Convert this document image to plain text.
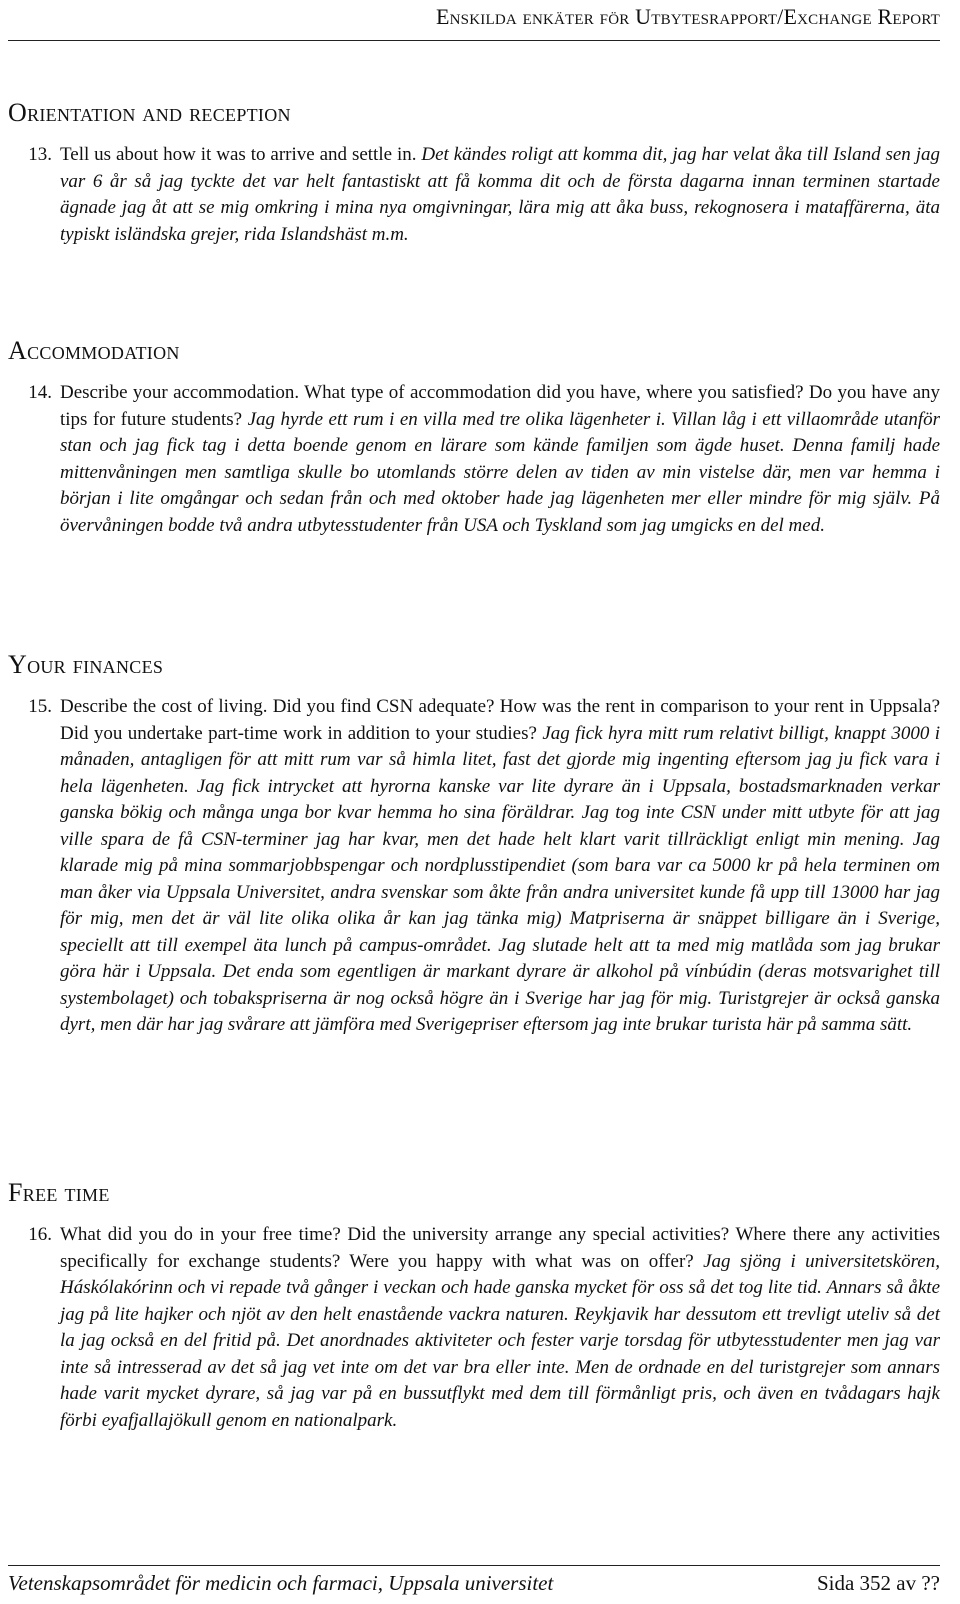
Enskilda enkäter för Utbytesrapport/Exchange Report
Orientation and reception
13. Tell us about how it was to arrive and settle in. Det kändes roligt att komma dit, jag har velat åka till Island sen jag var 6 år så jag tyckte det var helt fantastiskt att få komma dit och de första dagarna innan terminen startade ägnade jag åt att se mig omkring i mina nya omgivningar, lära mig att åka buss, rekognosera i mataffärerna, äta typiskt isländska grejer, rida Islandshäst m.m.
Accommodation
14. Describe your accommodation. What type of accommodation did you have, where you satisfied? Do you have any tips for future students? Jag hyrde ett rum i en villa med tre olika lägenheter i. Villan låg i ett villaområde utanför stan och jag fick tag i detta boende genom en lärare som kände familjen som ägde huset. Denna familj hade mittenvåningen men samtliga skulle bo utomlands större delen av tiden av min vistelse där, men var hemma i början i lite omgångar och sedan från och med oktober hade jag lägenheten mer eller mindre för mig själv. På övervåningen bodde två andra utbytesstudenter från USA och Tyskland som jag umgicks en del med.
Your finances
15. Describe the cost of living. Did you find CSN adequate? How was the rent in comparison to your rent in Uppsala? Did you undertake part-time work in addition to your studies? Jag fick hyra mitt rum relativt billigt, knappt 3000 i månaden, antagligen för att mitt rum var så himla litet, fast det gjorde mig ingenting eftersom jag ju fick vara i hela lägenheten. Jag fick intrycket att hyrorna kanske var lite dyrare än i Uppsala, bostadsmarknaden verkar ganska bökig och många unga bor kvar hemma ho sina föräldrar. Jag tog inte CSN under mitt utbyte för att jag ville spara de få CSN-terminer jag har kvar, men det hade helt klart varit tillräckligt enligt min mening. Jag klarade mig på mina sommarjobbspengar och nordplusstipendiet (som bara var ca 5000 kr på hela terminen om man åker via Uppsala Universitet, andra svenskar som åkte från andra universitet kunde få upp till 13000 har jag för mig, men det är väl lite olika olika år kan jag tänka mig) Matpriserna är snäppet billigare än i Sverige, speciellt att till exempel äta lunch på campus-området. Jag slutade helt att ta med mig matlåda som jag brukar göra här i Uppsala. Det enda som egentligen är markant dyrare är alkohol på vínbúdin (deras motsvarighet till systembolaget) och tobakspriserna är nog också högre än i Sverige har jag för mig. Turistgrejer är också ganska dyrt, men där har jag svårare att jämföra med Sverigepriser eftersom jag inte brukar turista här på samma sätt.
Free time
16. What did you do in your free time? Did the university arrange any special activities? Where there any activities specifically for exchange students? Were you happy with what was on offer? Jag sjöng i universitetskören, Háskólakórinn och vi repade två gånger i veckan och hade ganska mycket för oss så det tog lite tid. Annars så åkte jag på lite hajker och njöt av den helt enastående vackra naturen. Reykjavik har dessutom ett trevligt uteliv så det la jag också en del fritid på. Det anordnades aktiviteter och fester varje torsdag för utbytesstudenter men jag var inte så intresserad av det så jag vet inte om det var bra eller inte. Men de ordnade en del turistgrejer som annars hade varit mycket dyrare, så jag var på en bussutflykt med dem till förmånligt pris, och även en tvådagars hajk förbi eyafjallajökull genom en nationalpark.
Vetenskapsområdet för medicin och farmaci, Uppsala universitet	Sida 352 av ??
